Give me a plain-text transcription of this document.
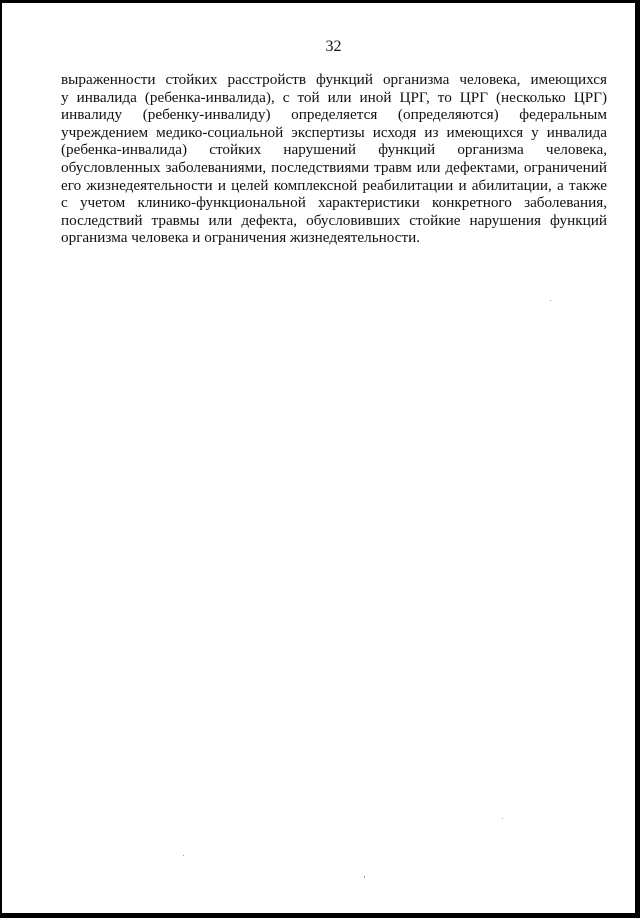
32
выраженности стойких расстройств функций организма человека, имеющихся
у инвалида (ребенка-инвалида), с той или иной ЦРГ, то ЦРГ (несколько ЦРГ)
инвалиду (ребенку-инвалиду) определяется (определяются) федеральным
учреждением медико-социальной экспертизы исходя из имеющихся у инвалида
(ребенка-инвалида) стойких нарушений функций организма человека,
обусловленных заболеваниями, последствиями травм или дефектами, ограничений
его жизнедеятельности и целей комплексной реабилитации и абилитации, а также
с учетом клинико-функциональной характеристики конкретного заболевания,
последствий травмы или дефекта, обусловивших стойкие нарушения функций
организма человека и ограничения жизнедеятельности.
